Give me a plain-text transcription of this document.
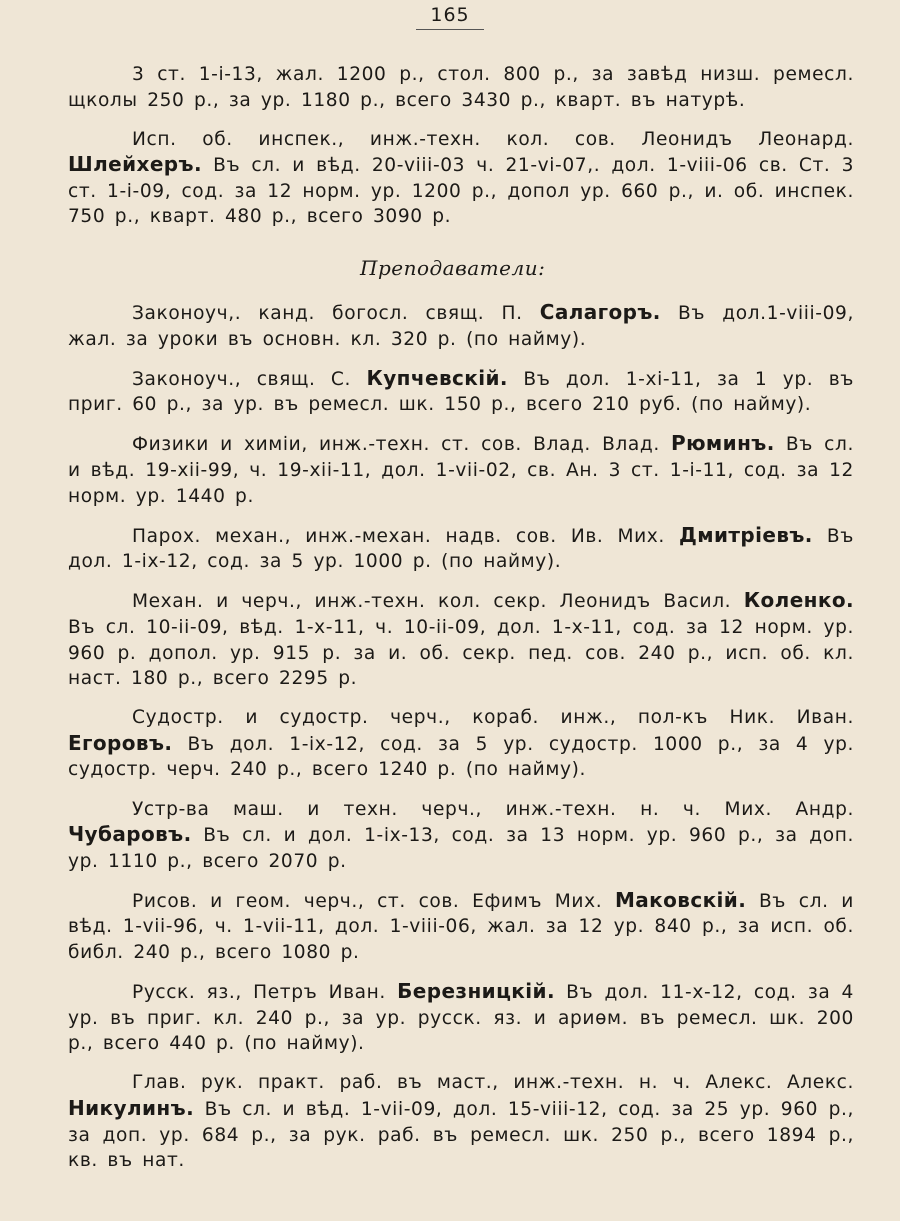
165

3 ст. 1-i-13, жал. 1200 р., стол. 800 р., за завѣд низш. ремесл. щколы 250 р., за ур. 1180 р., всего 3430 р., кварт. въ натурѣ.

Исп. об. инспек., инж.-техн. кол. сов. Леонидъ Леонард. Шлейхеръ. Въ сл. и вѣд. 20-viii-03 ч. 21-vi-07,. дол. 1-viii-06 св. Ст. 3 ст. 1-i-09, сод. за 12 норм. ур. 1200 р., допол ур. 660 р., и. об. инспек. 750 р., кварт. 480 р., всего 3090 р.

Преподаватели:

Законоуч,. канд. богосл. свящ. П. Салагоръ. Въ дол.1-viii-09, жал. за уроки въ основн. кл. 320 р. (по найму).

Законоуч., свящ. С. Купчевскій. Въ дол. 1-xi-11, за 1 ур. въ приг. 60 р., за ур. въ ремесл. шк. 150 р., всего 210 руб. (по найму).

Физики и химіи, инж.-техн. ст. сов. Влад. Влад. Рюминъ. Въ сл. и вѣд. 19-xii-99, ч. 19-xii-11, дол. 1-vii-02, св. Ан. 3 ст. 1-i-11, сод. за 12 норм. ур. 1440 р.

Парох. механ., инж.-механ. надв. сов. Ив. Мих. Дмитріевъ. Въ дол. 1-ix-12, сод. за 5 ур. 1000 р. (по найму).

Механ. и черч., инж.-техн. кол. секр. Леонидъ Васил. Коленко. Въ сл. 10-ii-09, вѣд. 1-x-11, ч. 10-ii-09, дол. 1-x-11, сод. за 12 норм. ур. 960 р. допол. ур. 915 р. за и. об. секр. пед. сов. 240 р., исп. об. кл. наст. 180 р., всего 2295 р.

Судостр. и судостр. черч., кораб. инж., пол-къ Ник. Иван. Егоровъ. Въ дол. 1-ix-12, сод. за 5 ур. судостр. 1000 р., за 4 ур. судостр. черч. 240 р., всего 1240 р. (по найму).

Устр-ва маш. и техн. черч., инж.-техн. н. ч. Мих. Андр. Чубаровъ. Въ сл. и дол. 1-ix-13, сод. за 13 норм. ур. 960 р., за доп. ур. 1110 р., всего 2070 р.

Рисов. и геом. черч., ст. сов. Ефимъ Мих. Маковскій. Въ сл. и вѣд. 1-vii-96, ч. 1-vii-11, дол. 1-viii-06, жал. за 12 ур. 840 р., за исп. об. библ. 240 р., всего 1080 р.

Русск. яз., Петръ Иван. Березницкій. Въ дол. 11-x-12, сод. за 4 ур. въ приг. кл. 240 р., за ур. русск. яз. и ариѳм. въ ремесл. шк. 200 р., всего 440 р. (по найму).

Глав. рук. практ. раб. въ маст., инж.-техн. н. ч. Алекс. Алекс. Никулинъ. Въ сл. и вѣд. 1-vii-09, дол. 15-viii-12, сод. за 25 ур. 960 р., за доп. ур. 684 р., за рук. раб. въ ремесл. шк. 250 р., всего 1894 р., кв. въ нат.
